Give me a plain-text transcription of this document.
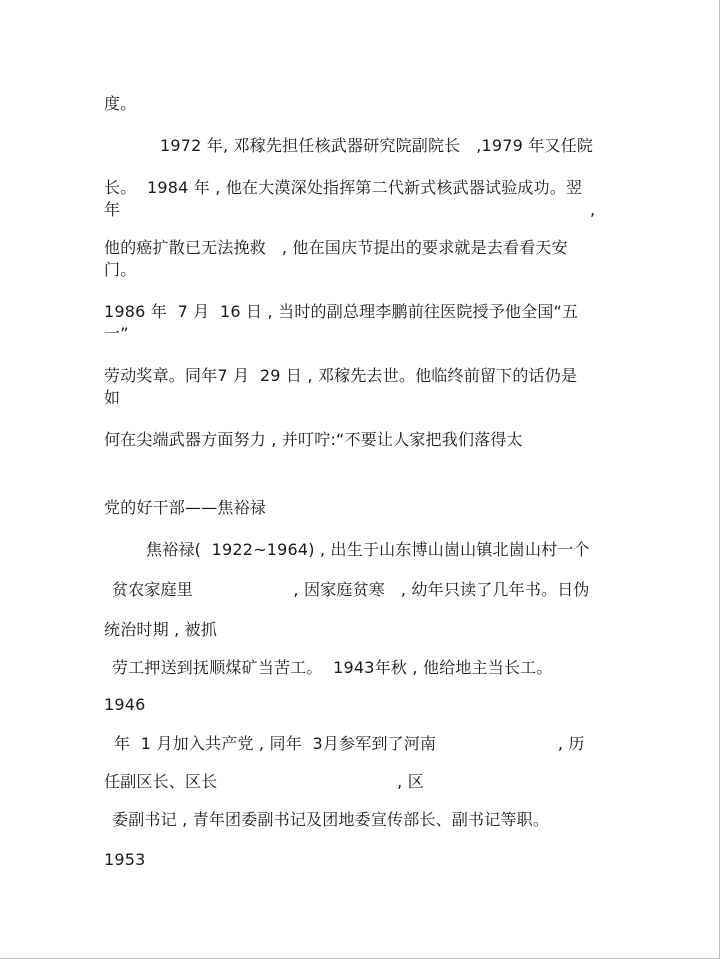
度。
1972 年, 邓稼先担任核武器研究院副院长   ,1979 年又任院
长。  1984 年 , 他在大漠深处指挥第二代新式核武器试验成功。翌
年	,
他的癌扩散已无法挽救   , 他在国庆节提出的要求就是去看看天安
门。
1986 年  7 月  16 日 , 当时的副总理李鹏前往医院授予他全国“五
一”
劳动奖章。同年7 月  29 日 , 邓稼先去世。他临终前留下的话仍是
如
何在尖端武器方面努力 , 并叮咛:“不要让人家把我们落得太
党的好干部——焦裕禄
焦裕禄(  1922~1964) , 出生于山东博山崮山镇北崮山村一个
贫农家庭里                   , 因家庭贫寒   , 幼年只读了几年书。日伪
统治时期 , 被抓
劳工押送到抚顺煤矿当苦工。  1943年秋 , 他给地主当长工。
1946
年  1 月加入共产党 , 同年  3月参军到了河南                       , 历
任副区长、区长                                  , 区
委副书记 , 青年团委副书记及团地委宣传部长、副书记等职。
1953
